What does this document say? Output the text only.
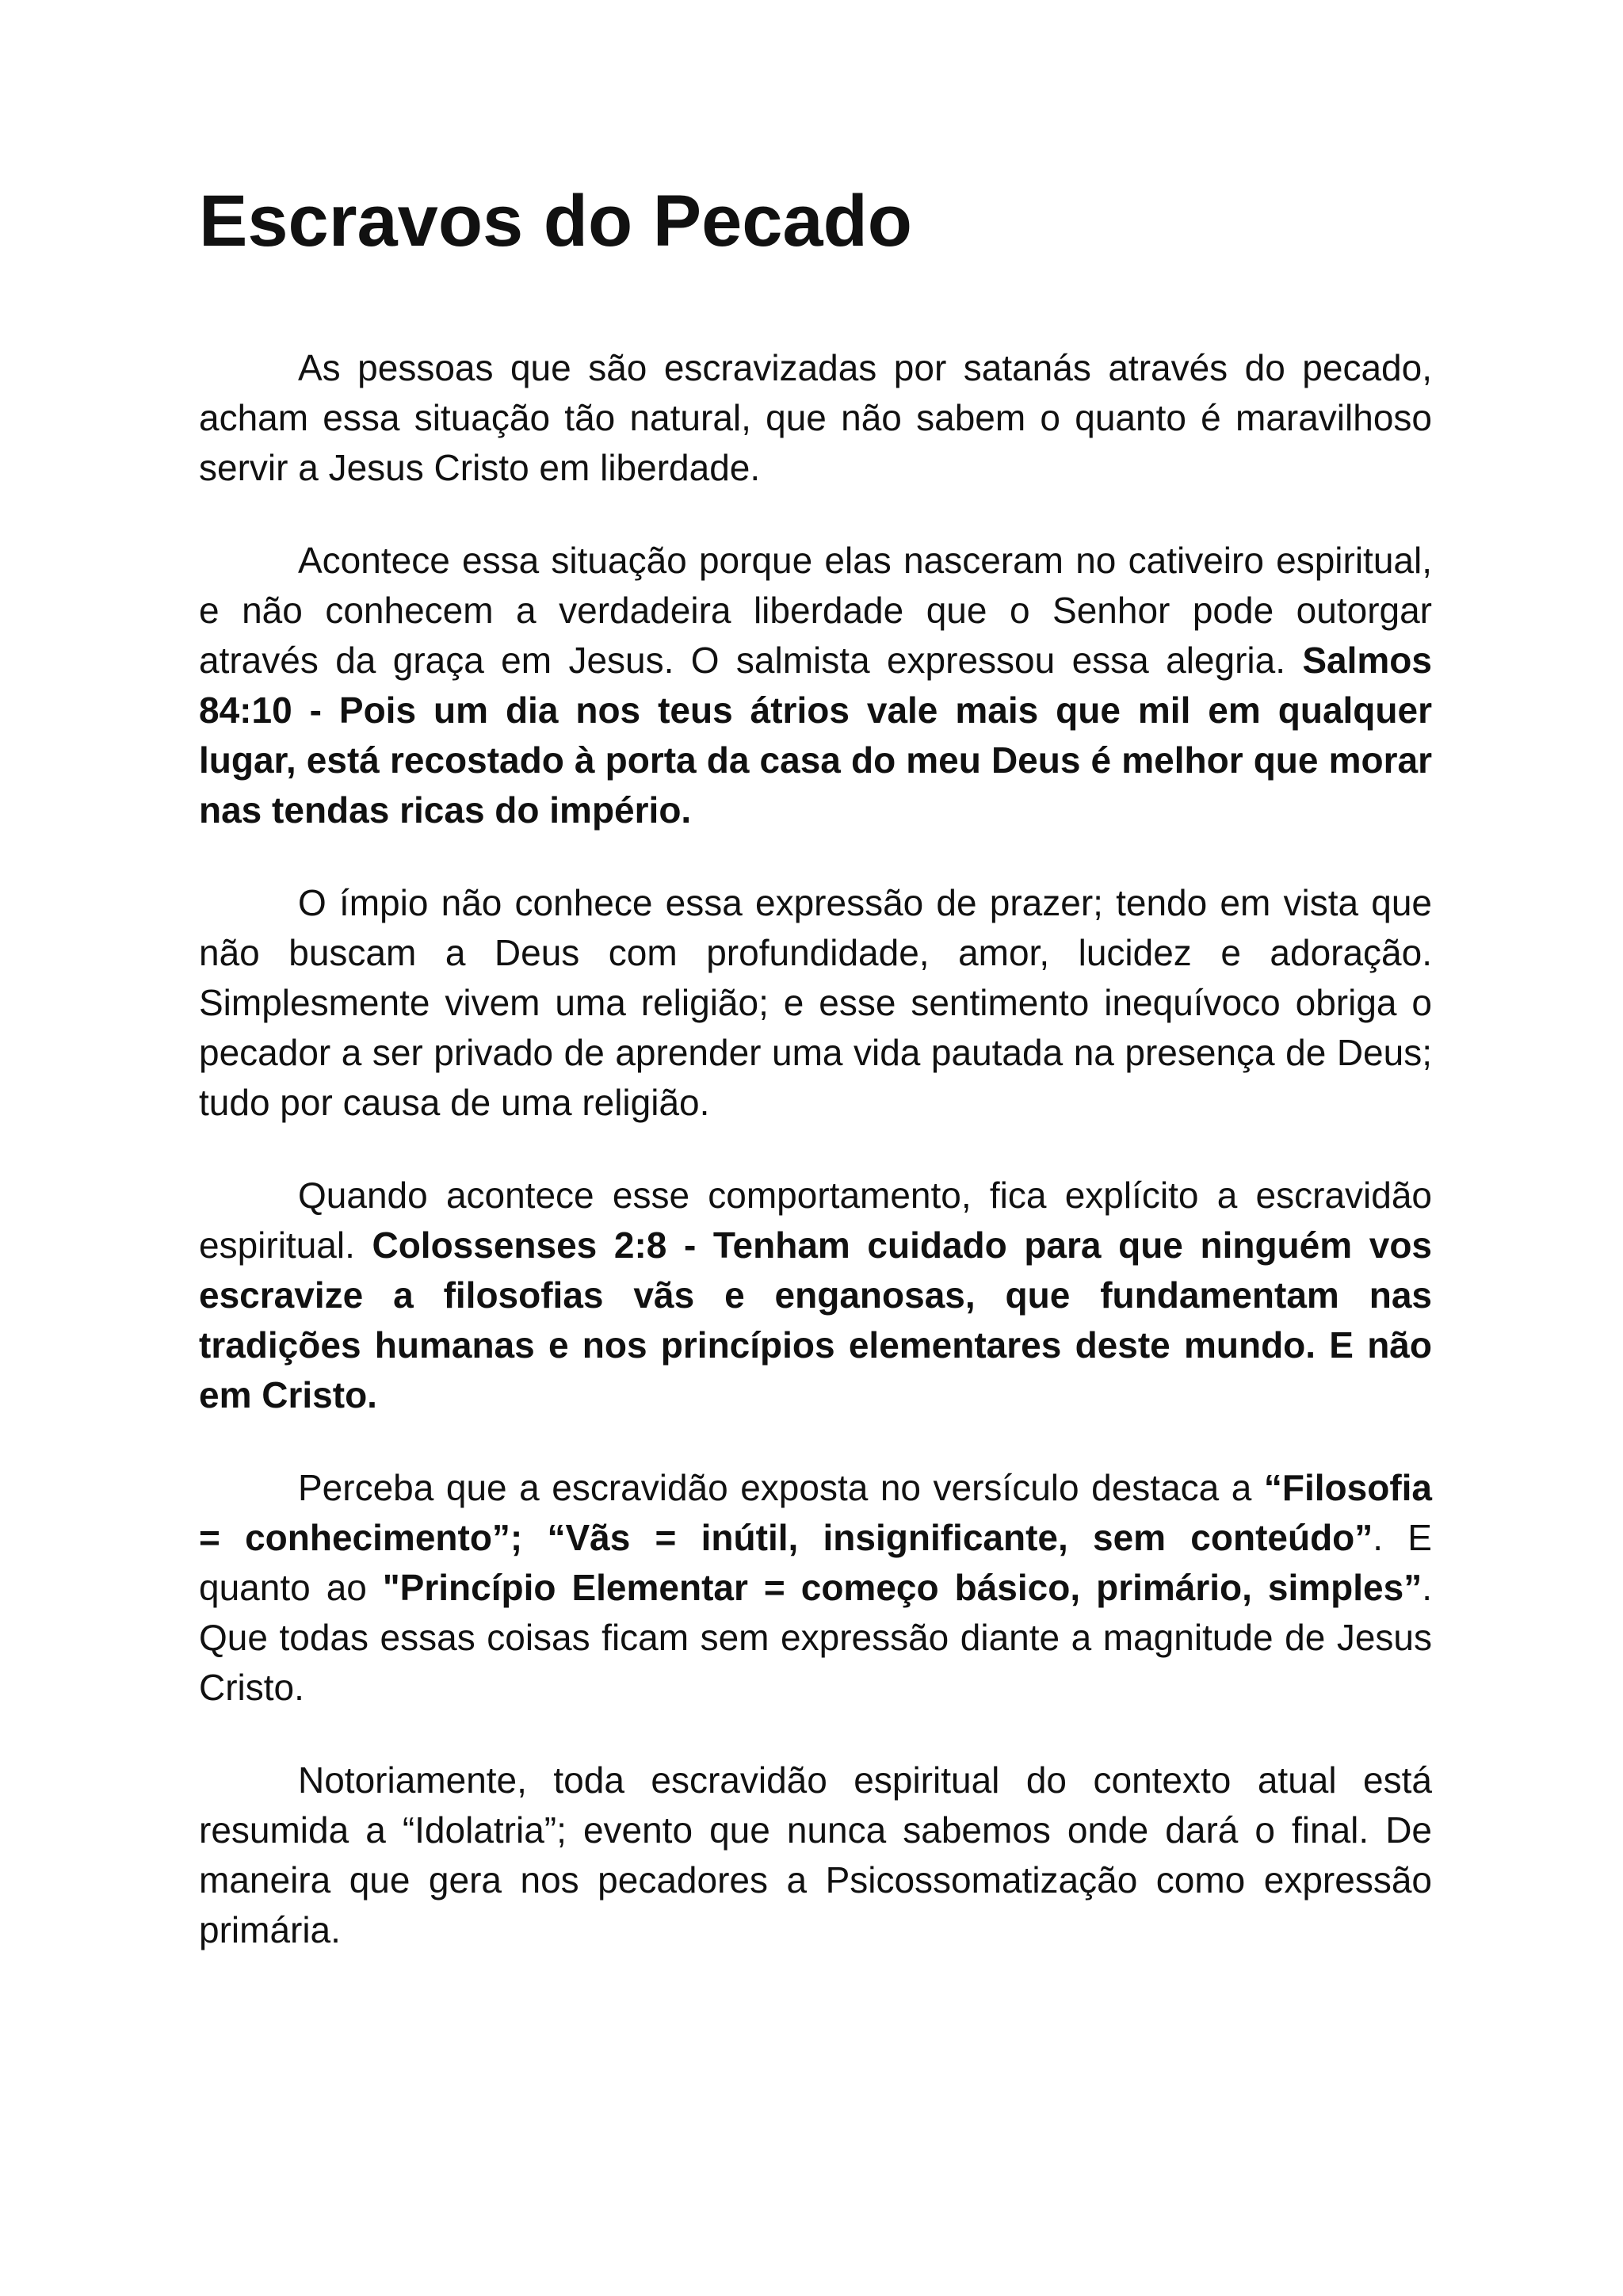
Escravos do Pecado

As pessoas que são escravizadas por satanás através do pecado, acham essa situação tão natural, que não sabem o quanto é maravilhoso servir a Jesus Cristo em liberdade.

Acontece essa situação porque elas nasceram no cativeiro espiritual, e não conhecem a verdadeira liberdade que o Senhor pode outorgar através da graça em Jesus. O salmista expressou essa alegria. Salmos 84:10 - Pois um dia nos teus átrios vale mais que mil em qualquer lugar, está recostado à porta da casa do meu Deus é melhor que morar nas tendas ricas do império.

O ímpio não conhece essa expressão de prazer; tendo em vista que não buscam a Deus com profundidade, amor, lucidez e adoração. Simplesmente vivem uma religião; e esse sentimento inequívoco obriga o pecador a ser privado de aprender uma vida pautada na presença de Deus; tudo por causa de uma religião.

Quando acontece esse comportamento, fica explícito a escravidão espiritual. Colossenses 2:8 - Tenham cuidado para que ninguém vos escravize a filosofias vãs e enganosas, que fundamentam nas tradições humanas e nos princípios elementares deste mundo. E não em Cristo.

Perceba que a escravidão exposta no versículo destaca a “Filosofia = conhecimento”; “Vãs = inútil, insignificante, sem conteúdo”. E quanto ao "Princípio Elementar = começo básico, primário, simples”. Que todas essas coisas ficam sem expressão diante a magnitude de Jesus Cristo.

Notoriamente, toda escravidão espiritual do contexto atual está resumida a “Idolatria”; evento que nunca sabemos onde dará o final. De maneira que gera nos pecadores a Psicossomatização como expressão primária.
